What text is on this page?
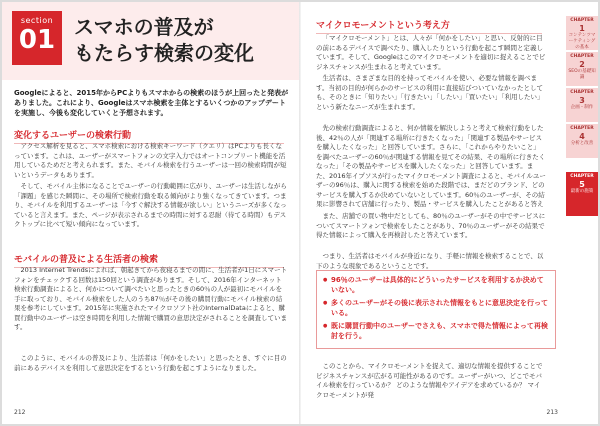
section
01 スマホの普及が
もたらす検索の変化

Googleによると、2015年からPCよりもスマホからの検索のほうが上回ったと発表がありました。これにより、Googleはスマホ検索を主体とするいくつかのアップデートを実施し、今後も変化していくと予想されます。

変化するユーザーの検索行動

アクセス解析を見ると、スマホ検索における検索キーワード（クエリ）はPCよりも長くなっています。これは、ユーザーがスマートフォンの文字入力ではオートコンプリート機能を活用しているためだと考えられます。また、モバイル検索を行うユーザーは一回の検索時間が短いというデータもあります。

そして、モバイル主体になることでユーザーの行動範囲に広がり、ユーザーは生活しながら「課題」を感じた瞬間に、その場所で検索行動を取る傾向がより強くなってきています。つまり、モバイルを利用するユーザーは「今すぐ解決する情報が欲しい」というニーズが多くなっていると言えます。また、ページが表示されるまでの時間に対する忍耐（待てる時間）もデスクトップに比べて短い傾向になっています。

モバイルの普及による生活者の検索

2013 Internet Trendsによれば、朝起きてから夜寝るまでの間に、生活者が1日にスマートフォンをチェックする回数は150回という調査があります。そして、2016年インターネット検索行動調査によると、何かについて調べたいと思ったときの60％の人が最初にモバイルを手に取っており、モバイル検索をした人のうち87％がその後の購買行動にモバイル検索の結果を参考にしています。2015年に実施されたマイクロソフト社のInternalDataによると、購買行動中のユーザーは空き時間を利用した情報で購買の意思決定がされることを調査しています。

このように、モバイルの普及により、生活者は「何かをしたい」と思ったとき、すぐに目の前にあるデバイスを利用して意思決定をするという行動を起こすようになりました。

212
マイクロモーメントという考え方

「マイクロモーメント」とは、人々が「何かをしたい」と思い、反射的に目の前にあるデバイスで調べたり、購入したりという行動を起こす瞬間と定義しています。そして、Googleはこのマイクロモーメントを適切に捉えることでビジネスチャンスが生まれると考えています。

生活者は、さまざまな目的を持ってモバイルを使い、必要な情報を調べます。当初の目的が何らかのサービスの利用に直接結びついていなかったとしても、そのときに「知りたい」「行きたい」「したい」「買いたい」「利用したい」という新たなニーズが生まれます。

先の検索行動調査によると、何か情報を解決しようと考えて検索行動をした後、42％の人が「関連する場所に行きたくなった」「関連する製品やサービスを購入したくなった」と回答しています。さらに、「これからやりたいこと」を調べたユーザーの60％が関連する情報を見てその結果、その場所に行きたくなった」「その製品やサービスを購入したくなった」と回答しています。また、2016年イプソスが行ったマイクロモーメント調査によると、モバイルユーザーの96％は、購入に関する検索を始めた段階では、まだどのブランド、どのサービスを購入するか決めていないとしています。60％のユーザーが、その結果に影響されて店舗に行ったり、製品・サービスを購入したことがあると答え

また、店舗での買い物中だとしても、80％のユーザーがその中でサービスについてスマートフォンで検索をしたことがあり、70％のユーザーがその結果で得た情報によって購入を再検討したと答えています。

つまり、生活者はモバイルが身近になり、手軽に情報を検索することで、以下のような現象であるということです。

● 96％のユーザーは具体的にどういったサービスを利用するか決めていない。

● 多くのユーザーがその後に表示された情報をもとに意思決定を行っている。

● 既に購買行動中のユーザーでさえも、スマホで得た情報によって再検討を行う。

このことから、マイクロモーメントを捉えて、適切な情報を提供することでビジネスチャンスが広がる可能性があるのです。ユーザーがいつ、どこでモバイル検索を行っているか？ どのような情報やアイデアを求めているか？ マイクロモーメントが発

213
CHAPTER
1
コンテンツマーケティングの基本
CHAPTER
2
SEOの基礎知識
CHAPTER
3
企画・制作
CHAPTER
4
分析と改善
CHAPTER
5
最新の施策
